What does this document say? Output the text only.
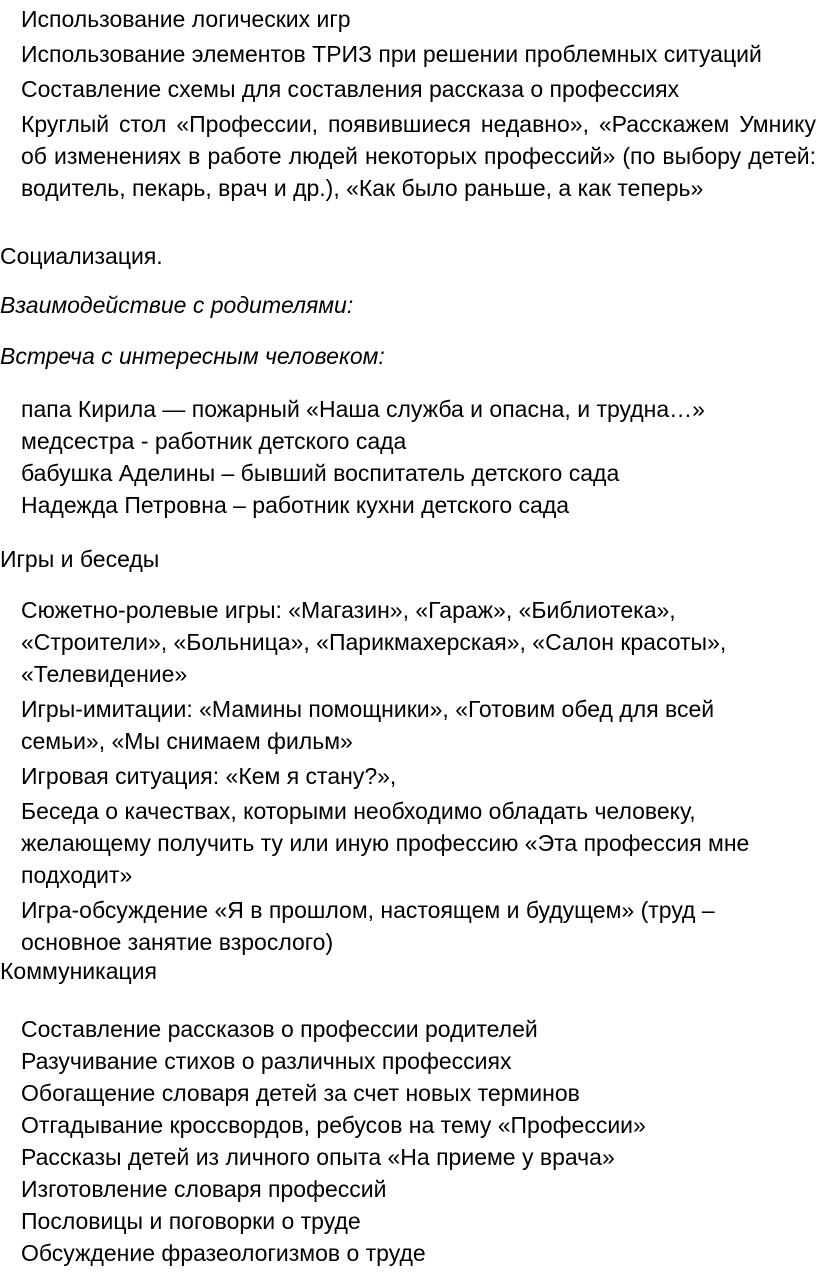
Использование логических игр
Использование элементов ТРИЗ при решении проблемных ситуаций
Составление схемы для составления рассказа о профессиях
Круглый стол «Профессии, появившиеся недавно», «Расскажем Умнику об изменениях в работе людей некоторых профессий» (по выбору детей: водитель, пекарь, врач и др.), «Как было раньше, а как теперь»

Социализация.

Взаимодействие с родителями:

Встреча с интересным человеком:

папа Кирила — пожарный «Наша служба и опасна, и трудна…»
медсестра - работник детского сада
бабушка Аделины – бывший воспитатель детского сада
Надежда Петровна – работник кухни детского сада

Игры и беседы

Сюжетно-ролевые игры: «Магазин», «Гараж», «Библиотека», «Строители», «Больница», «Парикмахерская», «Салон красоты», «Телевидение»
Игры-имитации: «Мамины помощники», «Готовим обед для всей семьи», «Мы снимаем фильм»
Игровая ситуация: «Кем я стану?»,
Беседа о качествах, которыми необходимо обладать человеку, желающему получить ту или иную профессию «Эта профессия мне подходит»
Игра-обсуждение «Я в прошлом, настоящем и будущем» (труд – основное занятие взрослого)

Коммуникация

Составление рассказов о профессии родителей
Разучивание стихов о различных профессиях
Обогащение словаря детей за счет новых терминов
Отгадывание кроссвордов, ребусов на тему «Профессии»
Рассказы детей из личного опыта «На приеме у врача»
Изготовление словаря профессий
Пословицы и поговорки о труде
Обсуждение фразеологизмов о труде
